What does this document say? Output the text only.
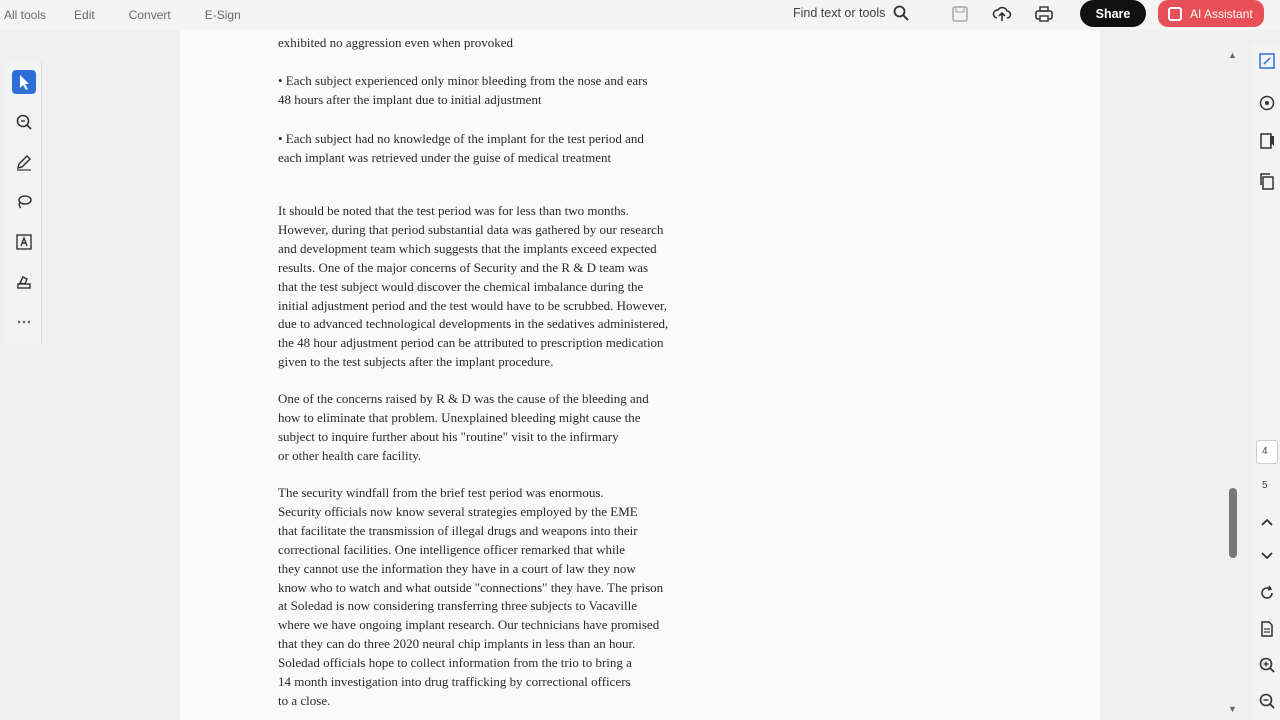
All tools Edit	Convert	E-Sign	Find text or tools	Share	AI Assistant

exhibited no aggression even when provoked

• Each subject experienced only minor bleeding from the nose and ears
48 hours after the implant due to initial adjustment

• Each subject had no knowledge of the implant for the test period and
each implant was retrieved under the guise of medical treatment

It should be noted that the test period was for less than two months.
However, during that period substantial data was gathered by our research
and development team which suggests that the implants exceed expected
results. One of the major concerns of Security and the R & D team was
that the test subject would discover the chemical imbalance during the
initial adjustment period and the test would have to be scrubbed. However,
due to advanced technological developments in the sedatives administered,
the 48 hour adjustment period can be attributed to prescription medication
given to the test subjects after the implant procedure.

One of the concerns raised by R & D was the cause of the bleeding and
how to eliminate that problem. Unexplained bleeding might cause the
subject to inquire further about his "routine" visit to the infirmary
or other health care facility.

The security windfall from the brief test period was enormous.
Security officials now know several strategies employed by the EME
that facilitate the transmission of illegal drugs and weapons into their
correctional facilities. One intelligence officer remarked that while
they cannot use the information they have in a court of law they now
know who to watch and what outside "connections" they have. The prison
at Soledad is now considering transferring three subjects to Vacaville
where we have ongoing implant research. Our technicians have promised
that they can do three 2020 neural chip implants in less than an hour.
Soledad officials hope to collect information from the trio to bring a
14 month investigation into drug trafficking by correctional officers
to a close.

▲
▼
4
5
